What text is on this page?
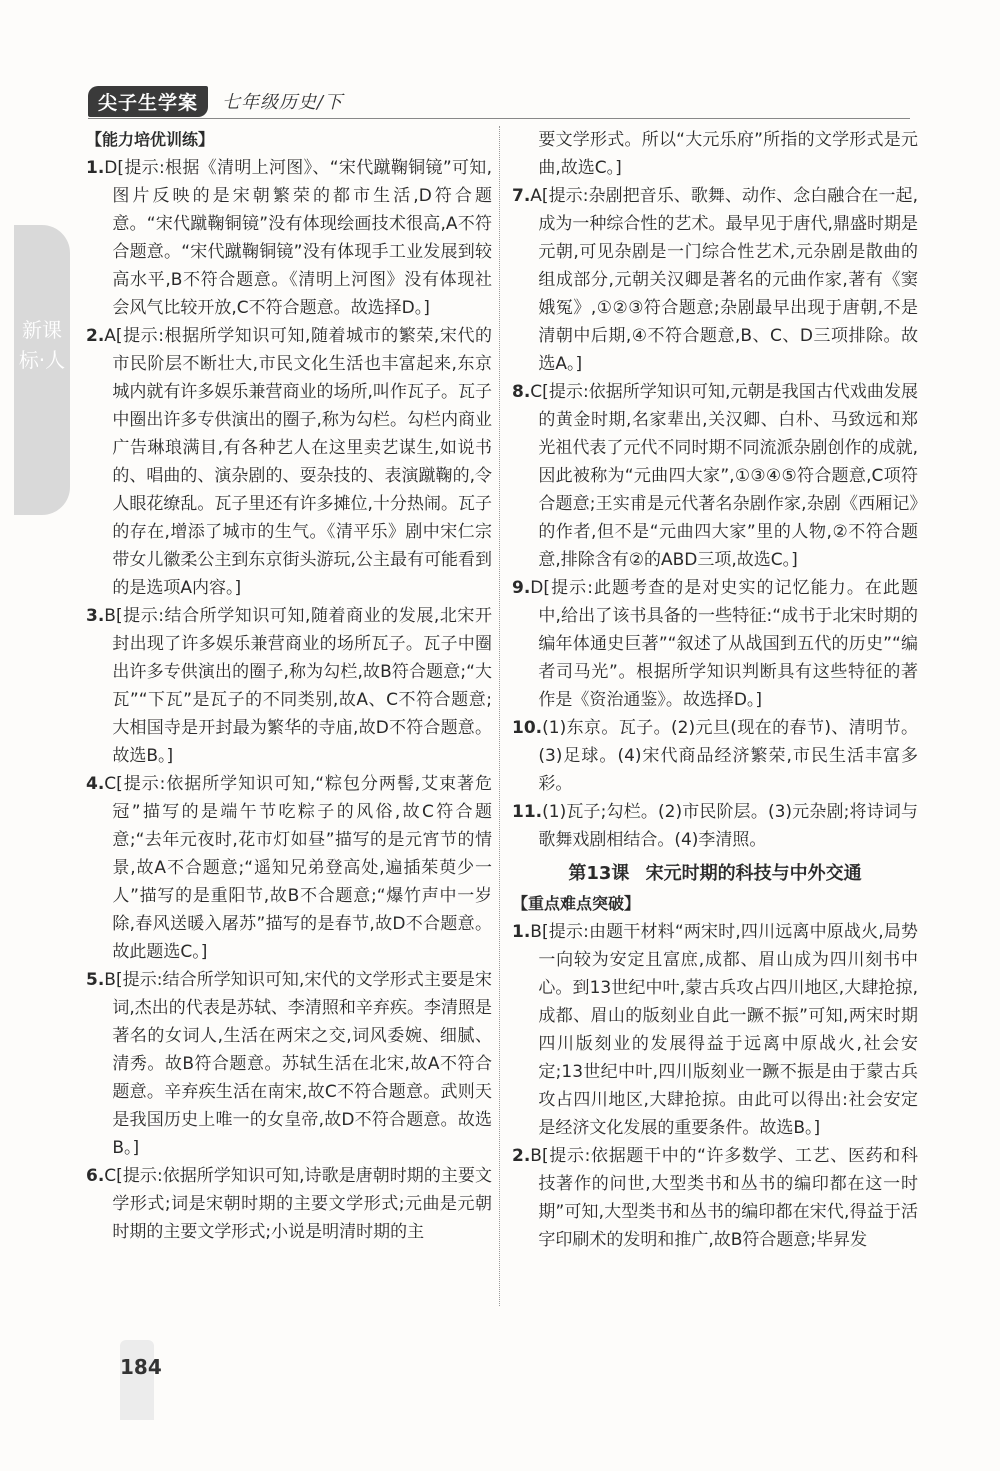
尖子生学案	七年级历史/下
新课标·人

【能力培优训练】

1.D[提示:根据《清明上河图》、“宋代蹴鞠铜镜”可知,图片反映的是宋朝繁荣的都市生活,D符合题意。“宋代蹴鞠铜镜”没有体现绘画技术很高,A不符合题意。“宋代蹴鞠铜镜”没有体现手工业发展到较高水平,B不符合题意。《清明上河图》没有体现社会风气比较开放,C不符合题意。故选择D。]

2.A[提示:根据所学知识可知,随着城市的繁荣,宋代的市民阶层不断壮大,市民文化生活也丰富起来,东京城内就有许多娱乐兼营商业的场所,叫作瓦子。瓦子中圈出许多专供演出的圈子,称为勾栏。勾栏内商业广告琳琅满目,有各种艺人在这里卖艺谋生,如说书的、唱曲的、演杂剧的、耍杂技的、表演蹴鞠的,令人眼花缭乱。瓦子里还有许多摊位,十分热闹。瓦子的存在,增添了城市的生气。《清平乐》剧中宋仁宗带女儿徽柔公主到东京街头游玩,公主最有可能看到的是选项A内容。]

3.B[提示:结合所学知识可知,随着商业的发展,北宋开封出现了许多娱乐兼营商业的场所瓦子。瓦子中圈出许多专供演出的圈子,称为勾栏,故B符合题意;“大瓦”“下瓦”是瓦子的不同类别,故A、C不符合题意;大相国寺是开封最为繁华的寺庙,故D不符合题意。故选B。]

4.C[提示:依据所学知识可知,“粽包分两髻,艾束著危冠”描写的是端午节吃粽子的风俗,故C符合题意;“去年元夜时,花市灯如昼”描写的是元宵节的情景,故A不合题意;“遥知兄弟登高处,遍插茱萸少一人”描写的是重阳节,故B不合题意;“爆竹声中一岁除,春风送暖入屠苏”描写的是春节,故D不合题意。故此题选C。]

5.B[提示:结合所学知识可知,宋代的文学形式主要是宋词,杰出的代表是苏轼、李清照和辛弃疾。李清照是著名的女词人,生活在两宋之交,词风委婉、细腻、清秀。故B符合题意。苏轼生活在北宋,故A不符合题意。辛弃疾生活在南宋,故C不符合题意。武则天是我国历史上唯一的女皇帝,故D不符合题意。故选B。]

6.C[提示:依据所学知识可知,诗歌是唐朝时期的主要文学形式;词是宋朝时期的主要文学形式;元曲是元朝时期的主要文学形式;小说是明清时期的主

要文学形式。所以“大元乐府”所指的文学形式是元曲,故选C。]

7.A[提示:杂剧把音乐、歌舞、动作、念白融合在一起,成为一种综合性的艺术。最早见于唐代,鼎盛时期是元朝,可见杂剧是一门综合性艺术,元杂剧是散曲的组成部分,元朝关汉卿是著名的元曲作家,著有《窦娥冤》,①②③符合题意;杂剧最早出现于唐朝,不是清朝中后期,④不符合题意,B、C、D三项排除。故选A。]

8.C[提示:依据所学知识可知,元朝是我国古代戏曲发展的黄金时期,名家辈出,关汉卿、白朴、马致远和郑光祖代表了元代不同时期不同流派杂剧创作的成就,因此被称为“元曲四大家”,①③④⑤符合题意,C项符合题意;王实甫是元代著名杂剧作家,杂剧《西厢记》的作者,但不是“元曲四大家”里的人物,②不符合题意,排除含有②的ABD三项,故选C。]

9.D[提示:此题考查的是对史实的记忆能力。在此题中,给出了该书具备的一些特征:“成书于北宋时期的编年体通史巨著”“叙述了从战国到五代的历史”“编者司马光”。根据所学知识判断具有这些特征的著作是《资治通鉴》。故选择D。]

10.(1)东京。瓦子。(2)元旦(现在的春节)、清明节。(3)足球。(4)宋代商品经济繁荣,市民生活丰富多彩。

11.(1)瓦子;勾栏。(2)市民阶层。(3)元杂剧;将诗词与歌舞戏剧相结合。(4)李清照。

第13课 宋元时期的科技与中外交通

【重点难点突破】

1.B[提示:由题干材料“两宋时,四川远离中原战火,局势一向较为安定且富庶,成都、眉山成为四川刻书中心。到13世纪中叶,蒙古兵攻占四川地区,大肆抢掠,成都、眉山的版刻业自此一蹶不振”可知,两宋时期四川版刻业的发展得益于远离中原战火,社会安定;13世纪中叶,四川版刻业一蹶不振是由于蒙古兵攻占四川地区,大肆抢掠。由此可以得出:社会安定是经济文化发展的重要条件。故选B。]

2.B[提示:依据题干中的“许多数学、工艺、医药和科技著作的问世,大型类书和丛书的编印都在这一时期”可知,大型类书和丛书的编印都在宋代,得益于活字印刷术的发明和推广,故B符合题意;毕昇发

184
